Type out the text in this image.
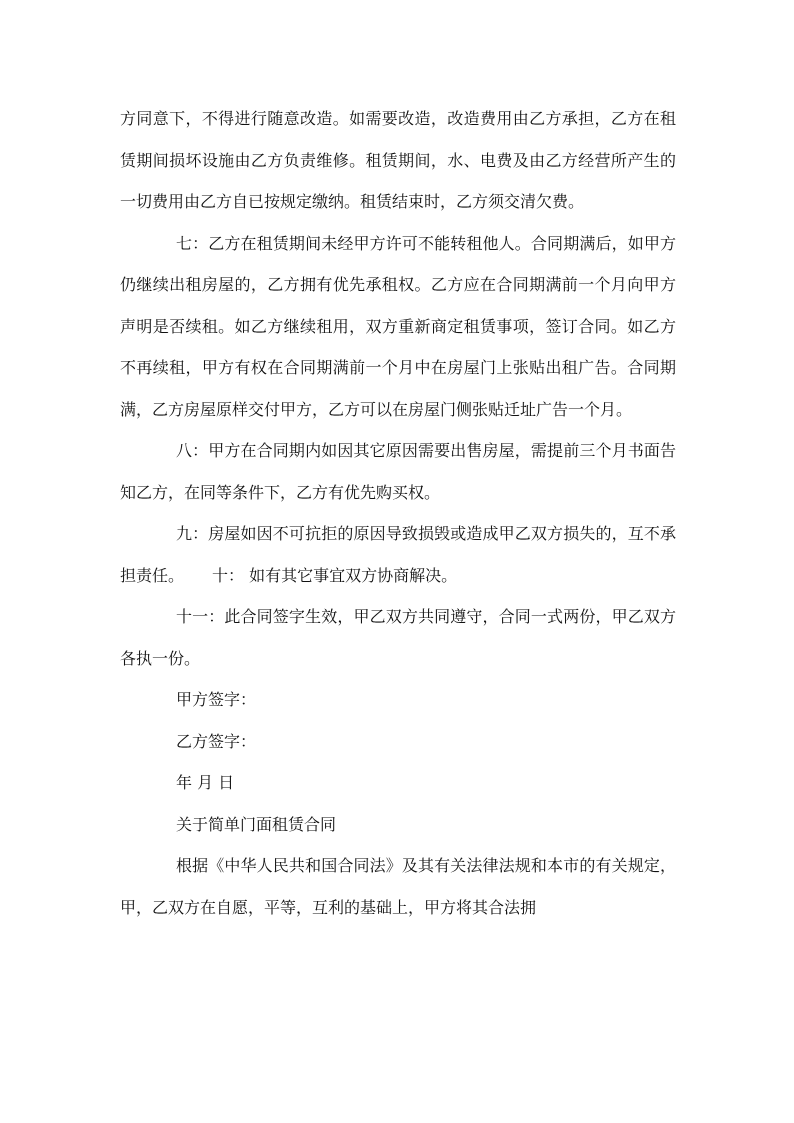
方同意下，不得进行随意改造。如需要改造，改造费用由乙方承担，乙方在租赁期间损坏设施由乙方负责维修。租赁期间，水、电费及由乙方经营所产生的一切费用由乙方自已按规定缴纳。租赁结束时，乙方须交清欠费。

七：乙方在租赁期间未经甲方许可不能转租他人。合同期满后，如甲方仍继续出租房屋的，乙方拥有优先承租权。乙方应在合同期满前一个月向甲方声明是否续租。如乙方继续租用，双方重新商定租赁事项，签订合同。如乙方不再续租，甲方有权在合同期满前一个月中在房屋门上张贴出租广告。合同期满，乙方房屋原样交付甲方，乙方可以在房屋门侧张贴迁址广告一个月。

八：甲方在合同期内如因其它原因需要出售房屋，需提前三个月书面告知乙方，在同等条件下，乙方有优先购买权。

九：房屋如因不可抗拒的原因导致损毁或造成甲乙双方损失的，互不承担责任。 十： 如有其它事宜双方协商解决。

十一：此合同签字生效，甲乙双方共同遵守，合同一式两份，甲乙双方各执一份。

甲方签字：

乙方签字：

年 月 日

关于简单门面租赁合同

根据《中华人民共和国合同法》及其有关法律法规和本市的有关规定，甲，乙双方在自愿，平等，互利的基础上，甲方将其合法拥
